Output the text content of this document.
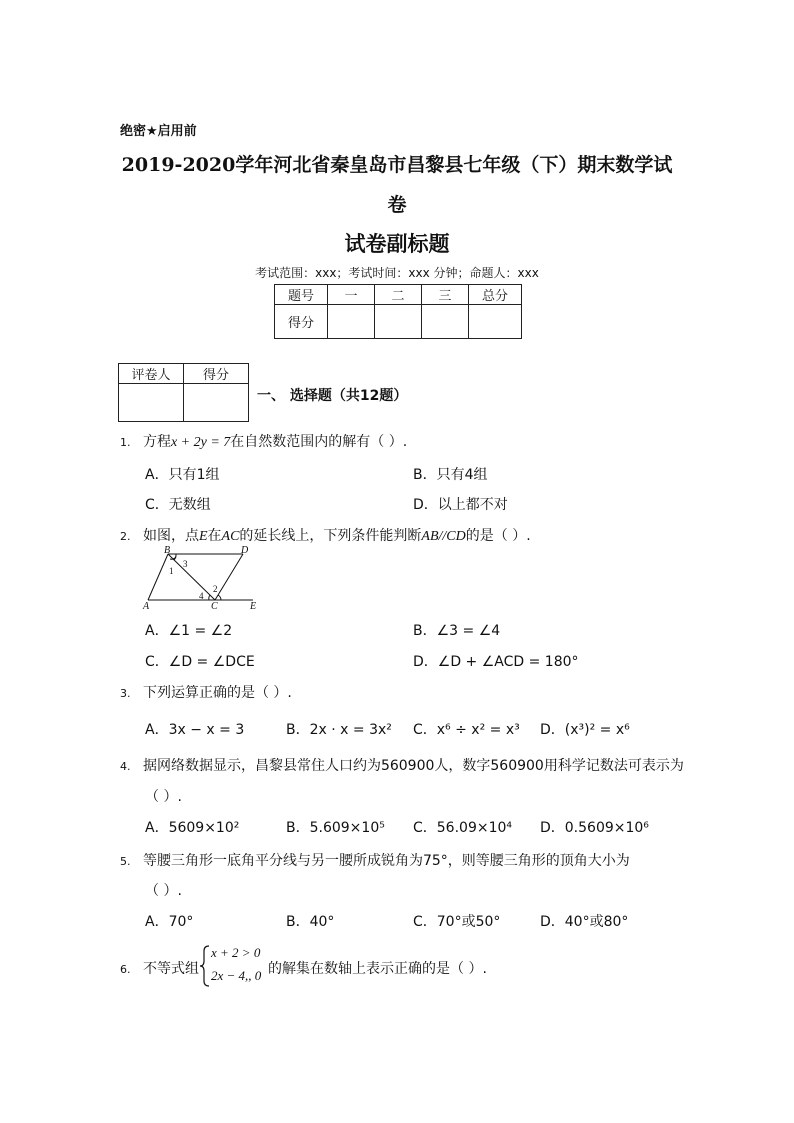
绝密★启用前
2019-2020学年河北省秦皇岛市昌黎县七年级（下）期末数学试
卷
试卷副标题
考试范围：xxx；考试时间：xxx 分钟；命题人：xxx
题号	一	二	三	总分
得分				
评卷人	得分

一、 选择题（共12题）
1. 方程x + 2y = 7在自然数范围内的解有（ ）.
A．只有1组	B．只有4组
C．无数组	D．以上都不对
2. 如图，点E在AC的延长线上，下列条件能判断AB//CD的是（ ）.
B	D
A	C	E
1
3
2
4
A．∠1 = ∠2	B．∠3 = ∠4
C．∠D = ∠DCE	D．∠D + ∠ACD = 180°
3. 下列运算正确的是（ ）.
A．3x − x = 3	B．2x · x = 3x² C．x⁶ ÷ x² = x³ D．(x³)² = x⁶
4. 据网络数据显示，昌黎县常住人口约为560900人，数字560900用科学记数法可表示为
（ ）.
A．5609×10²	B．5.609×10⁵ C．56.09×10⁴ D．0.5609×10⁶
5. 等腰三角形一底角平分线与另一腰所成锐角为75°，则等腰三角形的顶角大小为
（ ）.
A．70°	B．40°	C．70°或50°	D．40°或80°
6. 不等式组
x + 2 > 0
2x − 4,, 0 的解集在数轴上表示正确的是（ ）.
